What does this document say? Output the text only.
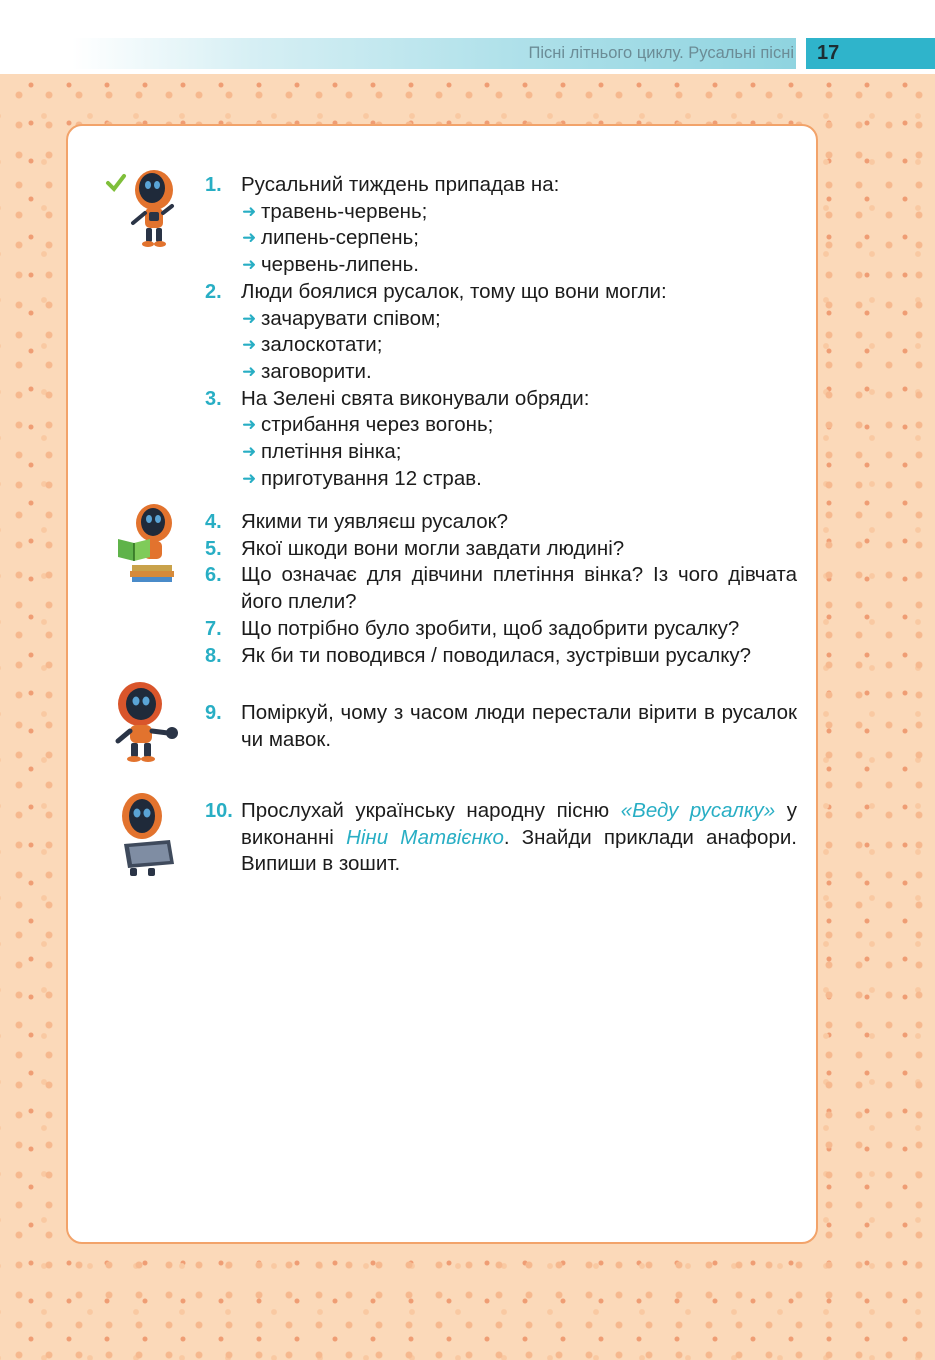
Пісні літнього циклу. Русальні пісні 17
1. Русальний тиждень припадав на:
➜ травень-червень;
➜ липень-серпень;
➜ червень-липень.
2. Люди боялися русалок, тому що вони могли:
➜ зачарувати співом;
➜ залоскотати;
➜ заговорити.
3. На Зелені свята виконували обряди:
➜ стрибання через вогонь;
➜ плетіння вінка;
➜ приготування 12 страв.
4. Якими ти уявляєш русалок?
5. Якої шкоди вони могли завдати людині?
6. Що означає для дівчини плетіння вінка? Із чого дівчата його плели?
7. Що потрібно було зробити, щоб задобрити русалку?
8. Як би ти поводився / поводилася, зустрівши русалку?
9. Поміркуй, чому з часом люди перестали вірити в русалок чи мавок.
10. Прослухай українську народну пісню «Веду русалку» у виконанні Ніни Матвієнко. Знайди приклади анафори. Випиши в зошит.
